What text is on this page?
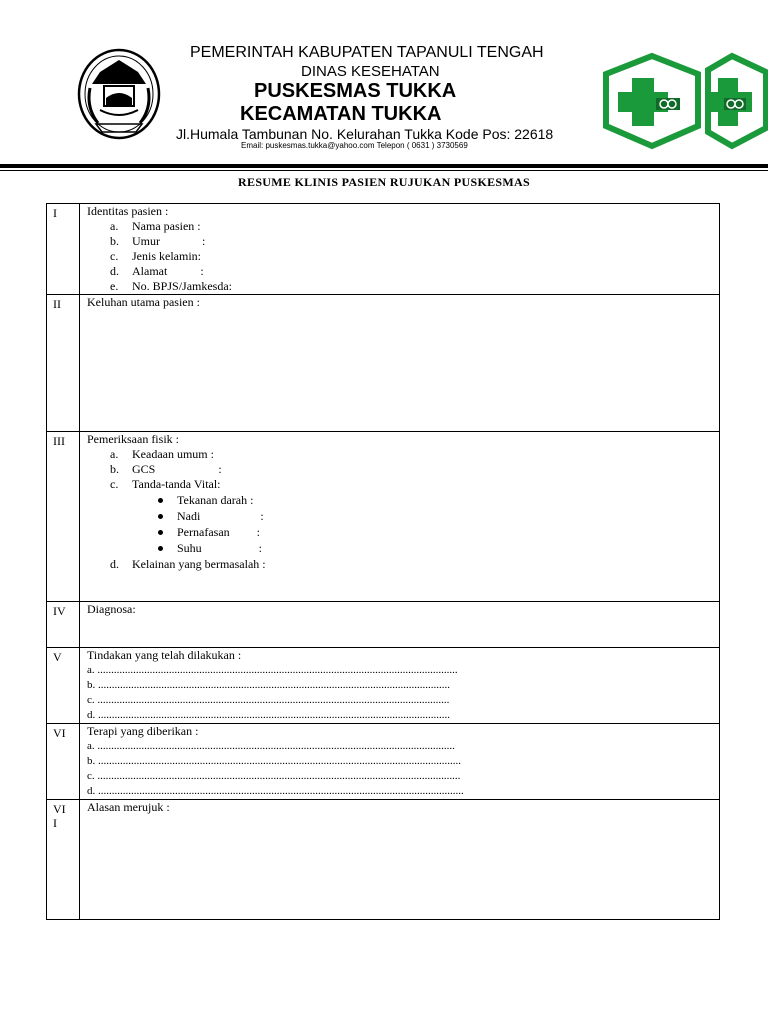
PEMERINTAH KABUPATEN TAPANULI TENGAH
DINAS KESEHATAN
PUSKESMAS TUKKA
KECAMATAN TUKKA
Jl.Humala Tambunan No. Kelurahan Tukka Kode Pos: 22618
Email: puskesmas.tukka@yahoo.com Telepon ( 0631 ) 3730569
RESUME KLINIS PASIEN RUJUKAN PUSKESMAS
I	Identitas pasien :
a. Nama pasien :
b. Umur              :
c. Jenis kelamin:
d. Alamat           :
e. No. BPJS/Jamkesda:
II Keluhan utama pasien :
III Pemeriksaan fisik :
a. Keadaan umum :
b. GCS                     :
c. Tanda-tanda Vital:
Tekanan darah :
Nadi                    :
Pernafasan         :
Suhu                   :
d. Kelainan yang bermasalah :
IV Diagnosa:
V Tindakan yang telah dilakukan :
a. ...................................................................................................................................
b. ................................................................................................................................
c. ................................................................................................................................
d. ................................................................................................................................
VI Terapi yang diberikan :
a. ..................................................................................................................................
b. ....................................................................................................................................
c. ....................................................................................................................................
d. .....................................................................................................................................
VI
I
Alasan merujuk :
